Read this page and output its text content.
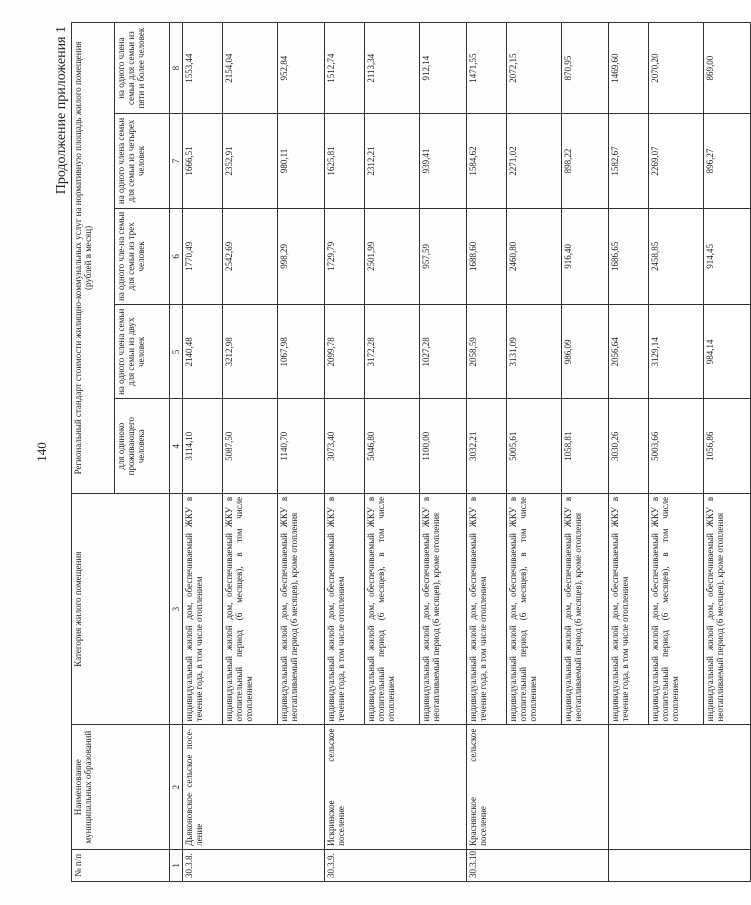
140
Продолжение приложения 1
№ п/п	Наименование муниципальных образований	Категория жилого помещения	Региональный стандарт стоимости жилищно-коммунальных услуг на нормативную площадь жилого помещения (рублей в месяц)				
			для одиноко проживающего человека	на одного члена семьи для семьи из двух человек	на одного чле-на семьи для семьи из трех человек	на одного члена семьи для семьи из четырех человек	на одного члена семьи для семьи из пяти и более человек
1	2	3	4	5	6	7	8
30.3.8.	Дьяконовское сельское посе-ление	индивидуальный жилой дом, обеспечиваемый ЖКУ в течение года, в том числе отоплением	3114,10	2140,48	1770,49	1666,51	1553,44
		индивидуальный жилой дом, обеспечиваемый ЖКУ в отопительный период (6 месяцев), в том числе отоплением	5087,50	3212,98	2542,69	2352,91	2154,04
		индивидуальный жилой дом, обеспечиваемый ЖКУ в неотапливаемый период (6 месяцев), кроме отопления	1140,70	1067,98	998,29	980,11	952,84
30.3.9.	Искринское сельское поселение	индивидуальный жилой дом, обеспечиваемый ЖКУ в течение года, в том числе отоплением	3073,40	2099,78	1729,79	1625,81	1512,74
		индивидуальный жилой дом, обеспечиваемый ЖКУ в отопительный период (6 месяцев), в том числе отоплением	5046,80	3172,28	2501,99	2312,21	2113,34
		индивидуальный жилой дом, обеспечиваемый ЖКУ в неотапливаемый период (6 месяцев), кроме отопления	1100,00	1027,28	957,59	939,41	912,14
30.3.10.	Краснянское сельское поселение	индивидуальный жилой дом, обеспечиваемый ЖКУ в течение года, в том числе отоплением	3032,21	2058,59	1688,60	1584,62	1471,55
		индивидуальный жилой дом, обеспечиваемый ЖКУ в отопительный период (6 месяцев), в том числе отоплением	5005,61	3131,09	2460,80	2271,02	2072,15
		индивидуальный жилой дом, обеспечиваемый ЖКУ в неотапливаемый период (6 месяцев), кроме отопления	1058,81	986,09	916,40	898,22	870,95
		индивидуальный жилой дом, обеспечиваемый ЖКУ в течение года, в том числе отоплением	3030,26	2056,64	1686,65	1582,67	1469,60
		индивидуальный жилой дом, обеспечиваемый ЖКУ в отопительный период (6 месяцев), в том числе отоплением	5003,66	3129,14	2458,85	2269,07	2070,20
		индивидуальный жилой дом, обеспечиваемый ЖКУ в неотапливаемый период (6 месяцев), кроме отопления	1056,86	984,14	914,45	896,27	869,00
